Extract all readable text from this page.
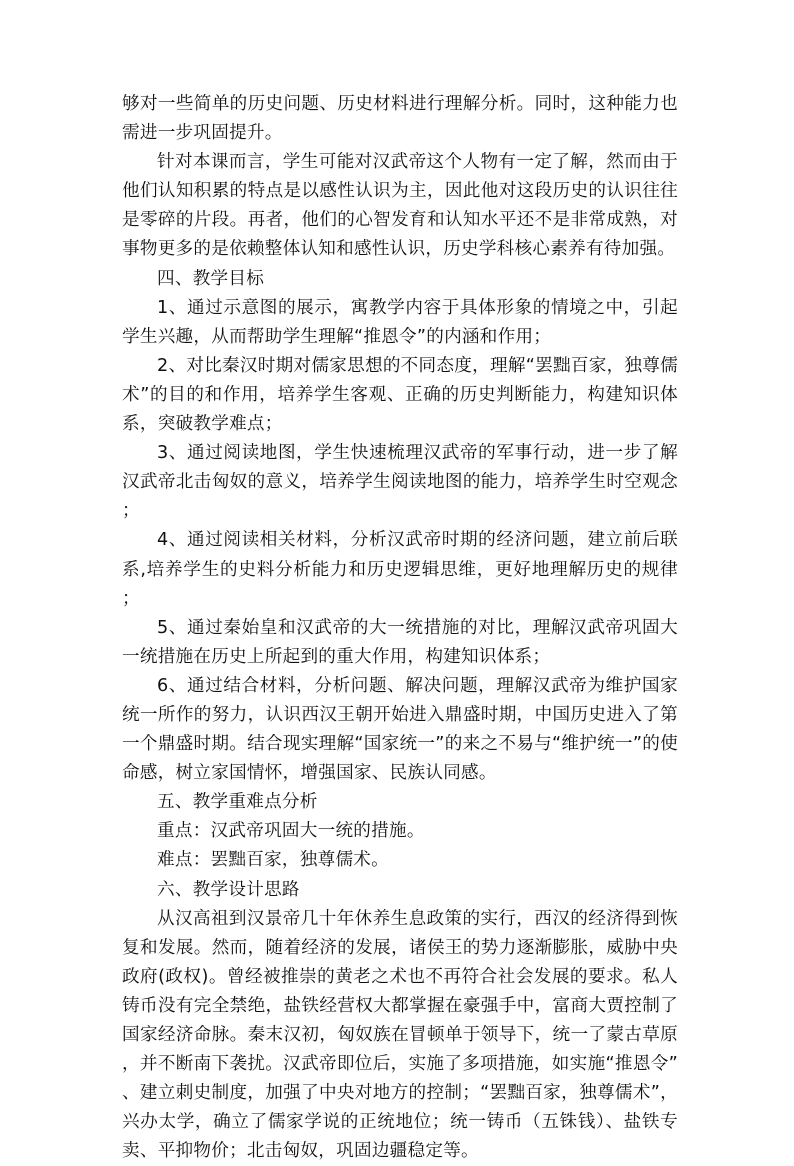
够对一些简单的历史问题、历史材料进行理解分析。同时，这种能力也需进一步巩固提升。

针对本课而言，学生可能对汉武帝这个人物有一定了解，然而由于他们认知积累的特点是以感性认识为主，因此他对这段历史的认识往往是零碎的片段。再者，他们的心智发育和认知水平还不是非常成熟，对事物更多的是依赖整体认知和感性认识，历史学科核心素养有待加强。

四、教学目标

1、通过示意图的展示，寓教学内容于具体形象的情境之中，引起学生兴趣，从而帮助学生理解“推恩令”的内涵和作用；

2、对比秦汉时期对儒家思想的不同态度，理解“罢黜百家，独尊儒术”的目的和作用，培养学生客观、正确的历史判断能力，构建知识体系，突破教学难点；

3、通过阅读地图，学生快速梳理汉武帝的军事行动，进一步了解汉武帝北击匈奴的意义，培养学生阅读地图的能力，培养学生时空观念；

4、通过阅读相关材料，分析汉武帝时期的经济问题，建立前后联系,培养学生的史料分析能力和历史逻辑思维，更好地理解历史的规律；

5、通过秦始皇和汉武帝的大一统措施的对比，理解汉武帝巩固大一统措施在历史上所起到的重大作用，构建知识体系；

6、通过结合材料，分析问题、解决问题，理解汉武帝为维护国家统一所作的努力，认识西汉王朝开始进入鼎盛时期，中国历史进入了第一个鼎盛时期。结合现实理解“国家统一”的来之不易与“维护统一”的使命感，树立家国情怀，增强国家、民族认同感。

五、教学重难点分析

重点：汉武帝巩固大一统的措施。

难点：罢黜百家，独尊儒术。

六、教学设计思路

从汉高祖到汉景帝几十年休养生息政策的实行，西汉的经济得到恢复和发展。然而，随着经济的发展，诸侯王的势力逐渐膨胀，威胁中央政府(政权)。曾经被推崇的黄老之术也不再符合社会发展的要求。私人铸币没有完全禁绝，盐铁经营权大都掌握在豪强手中，富商大贾控制了国家经济命脉。秦末汉初，匈奴族在冒顿单于领导下，统一了蒙古草原，并不断南下袭扰。汉武帝即位后，实施了多项措施，如实施“推恩令”、建立刺史制度，加强了中央对地方的控制；“罢黜百家，独尊儒术”，兴办太学，确立了儒家学说的正统地位；统一铸币（五铢钱）、盐铁专卖、平抑物价；北击匈奴，巩固边疆稳定等。
